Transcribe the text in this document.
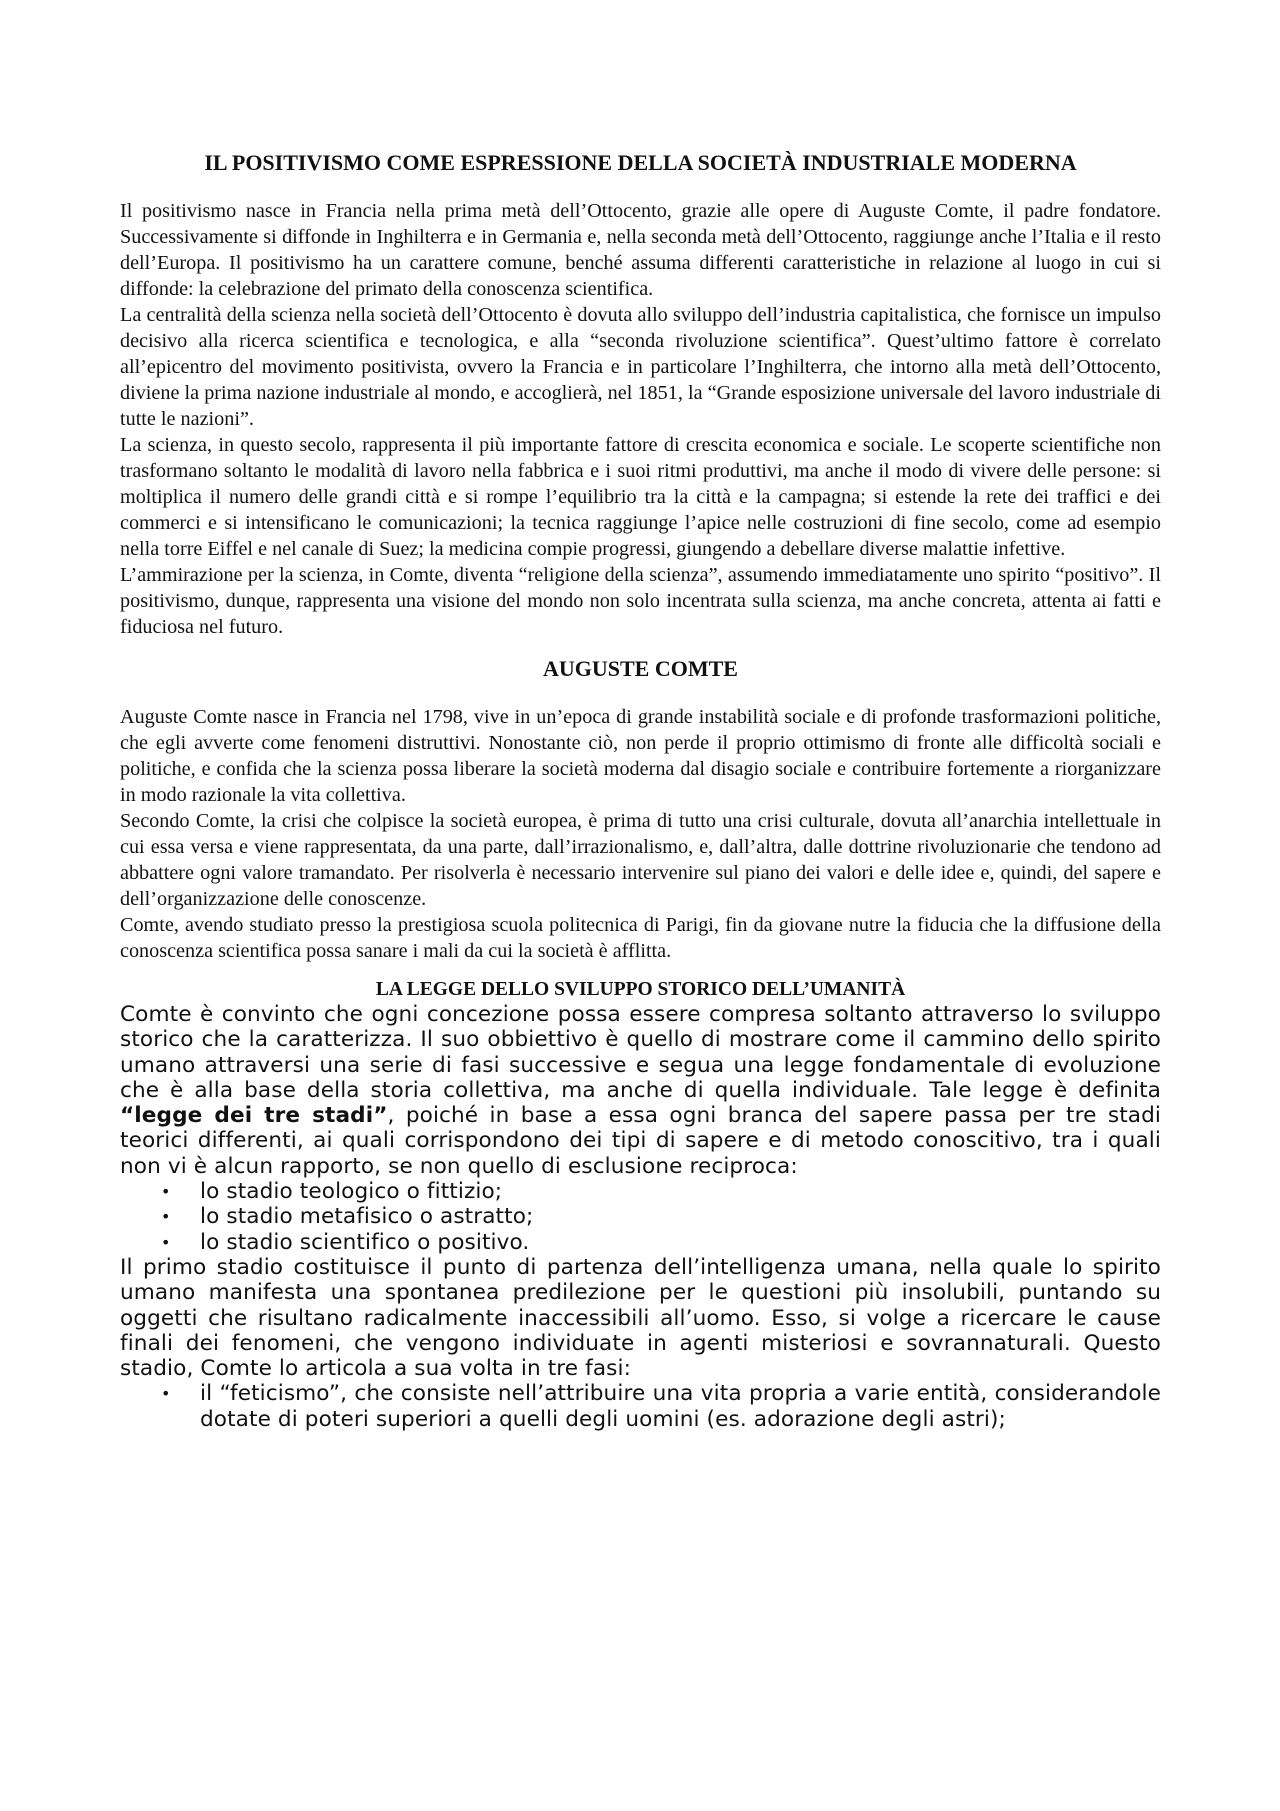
IL POSITIVISMO COME ESPRESSIONE DELLA SOCIETÀ INDUSTRIALE MODERNA

Il positivismo nasce in Francia nella prima metà dell’Ottocento, grazie alle opere di Auguste Comte, il padre fondatore. Successivamente si diffonde in Inghilterra e in Germania e, nella seconda metà dell’Ottocento, raggiunge anche l’Italia e il resto dell’Europa. Il positivismo ha un carattere comune, benché assuma differenti caratteristiche in relazione al luogo in cui si diffonde: la celebrazione del primato della conoscenza scientifica.

La centralità della scienza nella società dell’Ottocento è dovuta allo sviluppo dell’industria capitalistica, che fornisce un impulso decisivo alla ricerca scientifica e tecnologica, e alla “seconda rivoluzione scientifica”. Quest’ultimo fattore è correlato all’epicentro del movimento positivista, ovvero la Francia e in particolare l’Inghilterra, che intorno alla metà dell’Ottocento, diviene la prima nazione industriale al mondo, e accoglierà, nel 1851, la “Grande esposizione universale del lavoro industriale di tutte le nazioni”.

La scienza, in questo secolo, rappresenta il più importante fattore di crescita economica e sociale. Le scoperte scientifiche non trasformano soltanto le modalità di lavoro nella fabbrica e i suoi ritmi produttivi, ma anche il modo di vivere delle persone: si moltiplica il numero delle grandi città e si rompe l’equilibrio tra la città e la campagna; si estende la rete dei traffici e dei commerci e si intensificano le comunicazioni; la tecnica raggiunge l’apice nelle costruzioni di fine secolo, come ad esempio nella torre Eiffel e nel canale di Suez; la medicina compie progressi, giungendo a debellare diverse malattie infettive.

L’ammirazione per la scienza, in Comte, diventa “religione della scienza”, assumendo immediatamente uno spirito “positivo”. Il positivismo, dunque, rappresenta una visione del mondo non solo incentrata sulla scienza, ma anche concreta, attenta ai fatti e fiduciosa nel futuro.

AUGUSTE COMTE

Auguste Comte nasce in Francia nel 1798, vive in un’epoca di grande instabilità sociale e di profonde trasformazioni politiche, che egli avverte come fenomeni distruttivi. Nonostante ciò, non perde il proprio ottimismo di fronte alle difficoltà sociali e politiche, e confida che la scienza possa liberare la società moderna dal disagio sociale e contribuire fortemente a riorganizzare in modo razionale la vita collettiva.

Secondo Comte, la crisi che colpisce la società europea, è prima di tutto una crisi culturale, dovuta all’anarchia intellettuale in cui essa versa e viene rappresentata, da una parte, dall’irrazionalismo, e, dall’altra, dalle dottrine rivoluzionarie che tendono ad abbattere ogni valore tramandato. Per risolverla è necessario intervenire sul piano dei valori e delle idee e, quindi, del sapere e dell’organizzazione delle conoscenze.

Comte, avendo studiato presso la prestigiosa scuola politecnica di Parigi, fin da giovane nutre la fiducia che la diffusione della conoscenza scientifica possa sanare i mali da cui la società è afflitta.

LA LEGGE DELLO SVILUPPO STORICO DELL’UMANITÀ

Comte è convinto che ogni concezione possa essere compresa soltanto attraverso lo sviluppo storico che la caratterizza. Il suo obbiettivo è quello di mostrare come il cammino dello spirito umano attraversi una serie di fasi successive e segua una legge fondamentale di evoluzione che è alla base della storia collettiva, ma anche di quella individuale. Tale legge è definita “legge dei tre stadi”, poiché in base a essa ogni branca del sapere passa per tre stadi teorici differenti, ai quali corrispondono dei tipi di sapere e di metodo conoscitivo, tra i quali non vi è alcun rapporto, se non quello di esclusione reciproca:

• lo stadio teologico o fittizio;
• lo stadio metafisico o astratto;
• lo stadio scientifico o positivo.

Il primo stadio costituisce il punto di partenza dell’intelligenza umana, nella quale lo spirito umano manifesta una spontanea predilezione per le questioni più insolubili, puntando su oggetti che risultano radicalmente inaccessibili all’uomo. Esso, si volge a ricercare le cause finali dei fenomeni, che vengono individuate in agenti misteriosi e sovrannaturali. Questo stadio, Comte lo articola a sua volta in tre fasi:

• il “feticismo”, che consiste nell’attribuire una vita propria a varie entità, considerandole dotate di poteri superiori a quelli degli uomini (es. adorazione degli astri);
